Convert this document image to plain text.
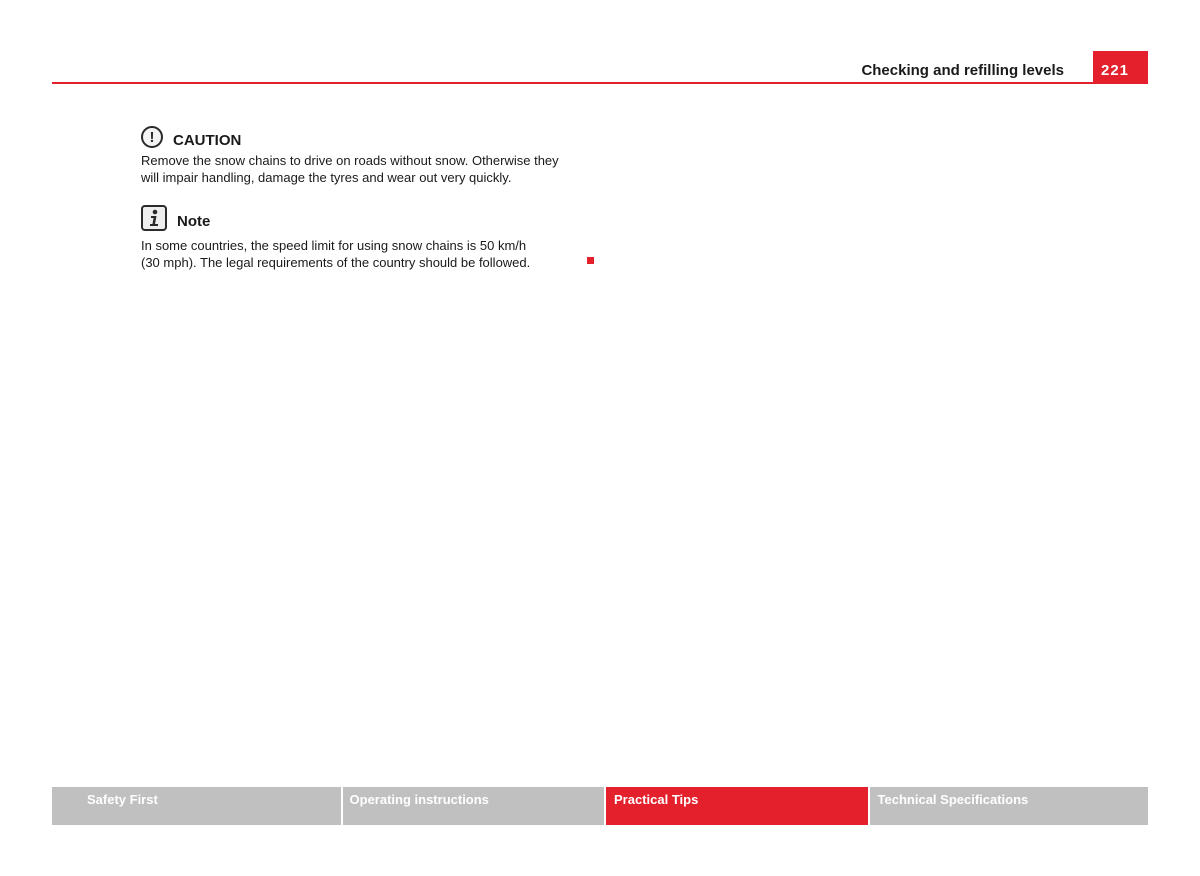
Checking and refilling levels	221
!	CAUTION
Remove the snow chains to drive on roads without snow. Otherwise they will impair handling, damage the tyres and wear out very quickly.
Note
In some countries, the speed limit for using snow chains is 50 km/h (30 mph). The legal requirements of the country should be followed.
Safety First	Operating instructions	Practical Tips	Technical Specifications
